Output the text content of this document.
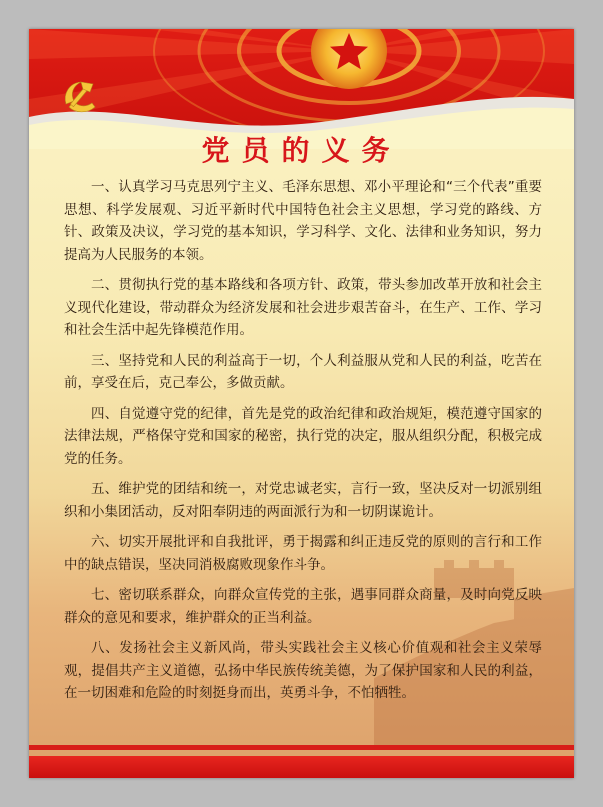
党员的义务

一、认真学习马克思列宁主义、毛泽东思想、邓小平理论和“三个代表”重要思想、科学发展观、习近平新时代中国特色社会主义思想，学习党的路线、方针、政策及决议，学习党的基本知识，学习科学、文化、法律和业务知识，努力提高为人民服务的本领。

二、贯彻执行党的基本路线和各项方针、政策，带头参加改革开放和社会主义现代化建设，带动群众为经济发展和社会进步艰苦奋斗，在生产、工作、学习和社会生活中起先锋模范作用。

三、坚持党和人民的利益高于一切，个人利益服从党和人民的利益，吃苦在前，享受在后，克己奉公，多做贡献。

四、自觉遵守党的纪律，首先是党的政治纪律和政治规矩，模范遵守国家的法律法规，严格保守党和国家的秘密，执行党的决定，服从组织分配，积极完成党的任务。

五、维护党的团结和统一，对党忠诚老实，言行一致，坚决反对一切派别组织和小集团活动，反对阳奉阴违的两面派行为和一切阴谋诡计。

六、切实开展批评和自我批评，勇于揭露和纠正违反党的原则的言行和工作中的缺点错误，坚决同消极腐败现象作斗争。

七、密切联系群众，向群众宣传党的主张，遇事同群众商量，及时向党反映群众的意见和要求，维护群众的正当利益。

八、发扬社会主义新风尚，带头实践社会主义核心价值观和社会主义荣辱观，提倡共产主义道德，弘扬中华民族传统美德，为了保护国家和人民的利益，在一切困难和危险的时刻挺身而出，英勇斗争，不怕牺牲。
